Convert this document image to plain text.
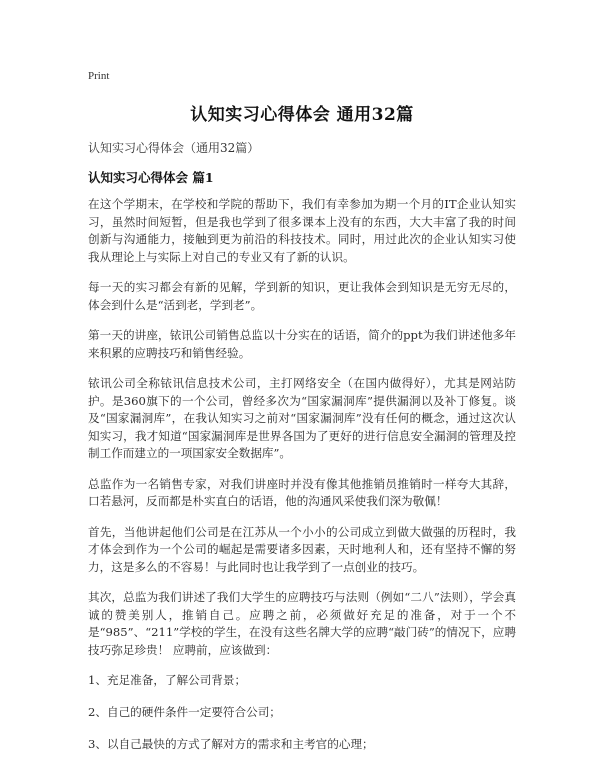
Print
认知实习心得体会 通用32篇
认知实习心得体会（通用32篇）
认知实习心得体会 篇1

在这个学期末，在学校和学院的帮助下，我们有幸参加为期一个月的IT企业认知实习，虽然时间短暂，但是我也学到了很多课本上没有的东西，大大丰富了我的时间创新与沟通能力，接触到更为前沿的科技技术。同时，用过此次的企业认知实习使我从理论上与实际上对自己的专业又有了新的认识。

每一天的实习都会有新的见解，学到新的知识，更让我体会到知识是无穷无尽的，体会到什么是“活到老，学到老”。

第一天的讲座，铱讯公司销售总监以十分实在的话语，简介的ppt为我们讲述他多年来积累的应聘技巧和销售经验。

铱讯公司全称铱讯信息技术公司，主打网络安全（在国内做得好），尤其是网站防护。是360旗下的一个公司，曾经多次为“国家漏洞库”提供漏洞以及补丁修复。谈及“国家漏洞库”，在我认知实习之前对“国家漏洞库”没有任何的概念，通过这次认知实习，我才知道“国家漏洞库是世界各国为了更好的进行信息安全漏洞的管理及控制工作而建立的一项国家安全数据库”。

总监作为一名销售专家，对我们讲座时并没有像其他推销员推销时一样夸大其辞，口若悬河，反而都是朴实直白的话语，他的沟通风采使我们深为敬佩！

首先，当他讲起他们公司是在江苏从一个小小的公司成立到做大做强的历程时，我才体会到作为一个公司的崛起是需要诸多因素，天时地利人和，还有坚持不懈的努力，这是多么的不容易！与此同时也让我学到了一点创业的技巧。

其次，总监为我们讲述了我们大学生的应聘技巧与法则（例如“二八”法则），学会真诚的赞美别人，推销自己。应聘之前，必须做好充足的准备，对于一个不是“985”、“211”学校的学生，在没有这些名牌大学的应聘“敲门砖”的情况下，应聘技巧弥足珍贵！ 应聘前，应该做到：

1、充足准备，了解公司背景；
2、自己的硬件条件一定要符合公司；
3、以自己最快的方式了解对方的需求和主考官的心理；
